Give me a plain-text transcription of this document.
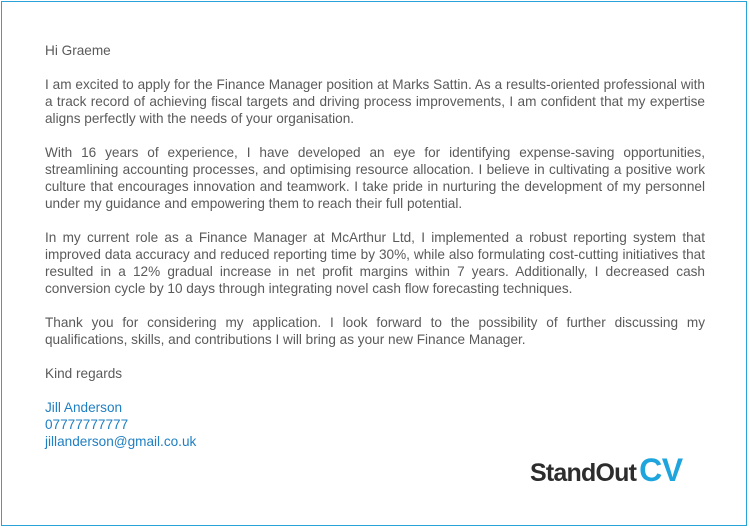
Hi Graeme

I am excited to apply for the Finance Manager position at Marks Sattin. As a results-oriented professional with a track record of achieving fiscal targets and driving process improvements, I am confident that my expertise aligns perfectly with the needs of your organisation.

With 16 years of experience, I have developed an eye for identifying expense-saving opportunities, streamlining accounting processes, and optimising resource allocation. I believe in cultivating a positive work culture that encourages innovation and teamwork. I take pride in nurturing the development of my personnel under my guidance and empowering them to reach their full potential.

In my current role as a Finance Manager at McArthur Ltd, I implemented a robust reporting system that improved data accuracy and reduced reporting time by 30%, while also formulating cost-cutting initiatives that resulted in a 12% gradual increase in net profit margins within 7 years. Additionally, I decreased cash conversion cycle by 10 days through integrating novel cash flow forecasting techniques.

Thank you for considering my application. I look forward to the possibility of further discussing my qualifications, skills, and contributions I will bring as your new Finance Manager.

Kind regards

Jill Anderson

07777777777

jillanderson@gmail.co.uk

StandOutCV
